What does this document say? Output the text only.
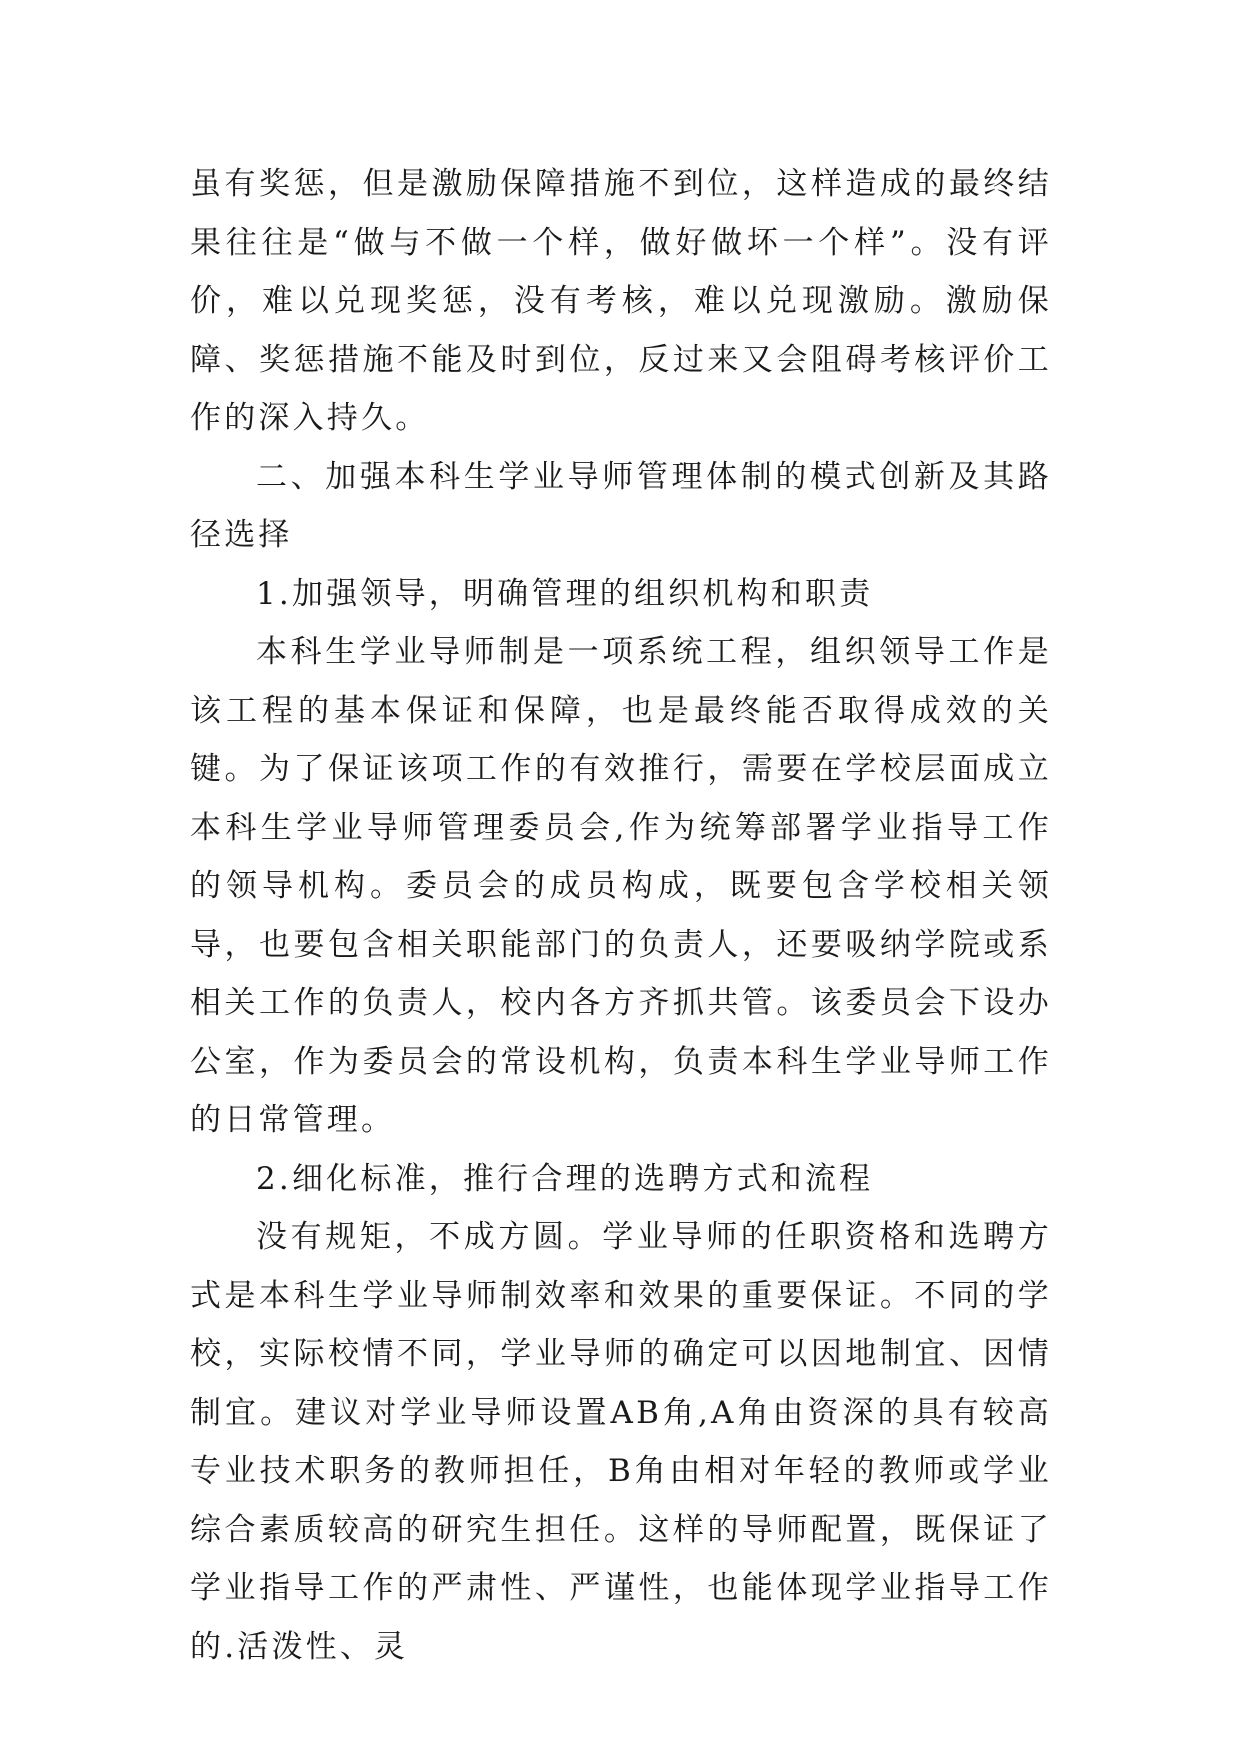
虽有奖惩，但是激励保障措施不到位，这样造成的最终结果往往是“做与不做一个样，做好做坏一个样”。没有评价，难以兑现奖惩，没有考核，难以兑现激励。激励保障、奖惩措施不能及时到位，反过来又会阻碍考核评价工作的深入持久。

二、加强本科生学业导师管理体制的模式创新及其路径选择

1.加强领导，明确管理的组织机构和职责

本科生学业导师制是一项系统工程，组织领导工作是该工程的基本保证和保障，也是最终能否取得成效的关键。为了保证该项工作的有效推行，需要在学校层面成立本科生学业导师管理委员会,作为统筹部署学业指导工作的领导机构。委员会的成员构成，既要包含学校相关领导，也要包含相关职能部门的负责人，还要吸纳学院或系相关工作的负责人，校内各方齐抓共管。该委员会下设办公室，作为委员会的常设机构，负责本科生学业导师工作的日常管理。

2.细化标准，推行合理的选聘方式和流程

没有规矩，不成方圆。学业导师的任职资格和选聘方式是本科生学业导师制效率和效果的重要保证。不同的学校，实际校情不同，学业导师的确定可以因地制宜、因情制宜。建议对学业导师设置AB角,A角由资深的具有较高专业技术职务的教师担任，B角由相对年轻的教师或学业综合素质较高的研究生担任。这样的导师配置，既保证了学业指导工作的严肃性、严谨性，也能体现学业指导工作的.活泼性、灵
